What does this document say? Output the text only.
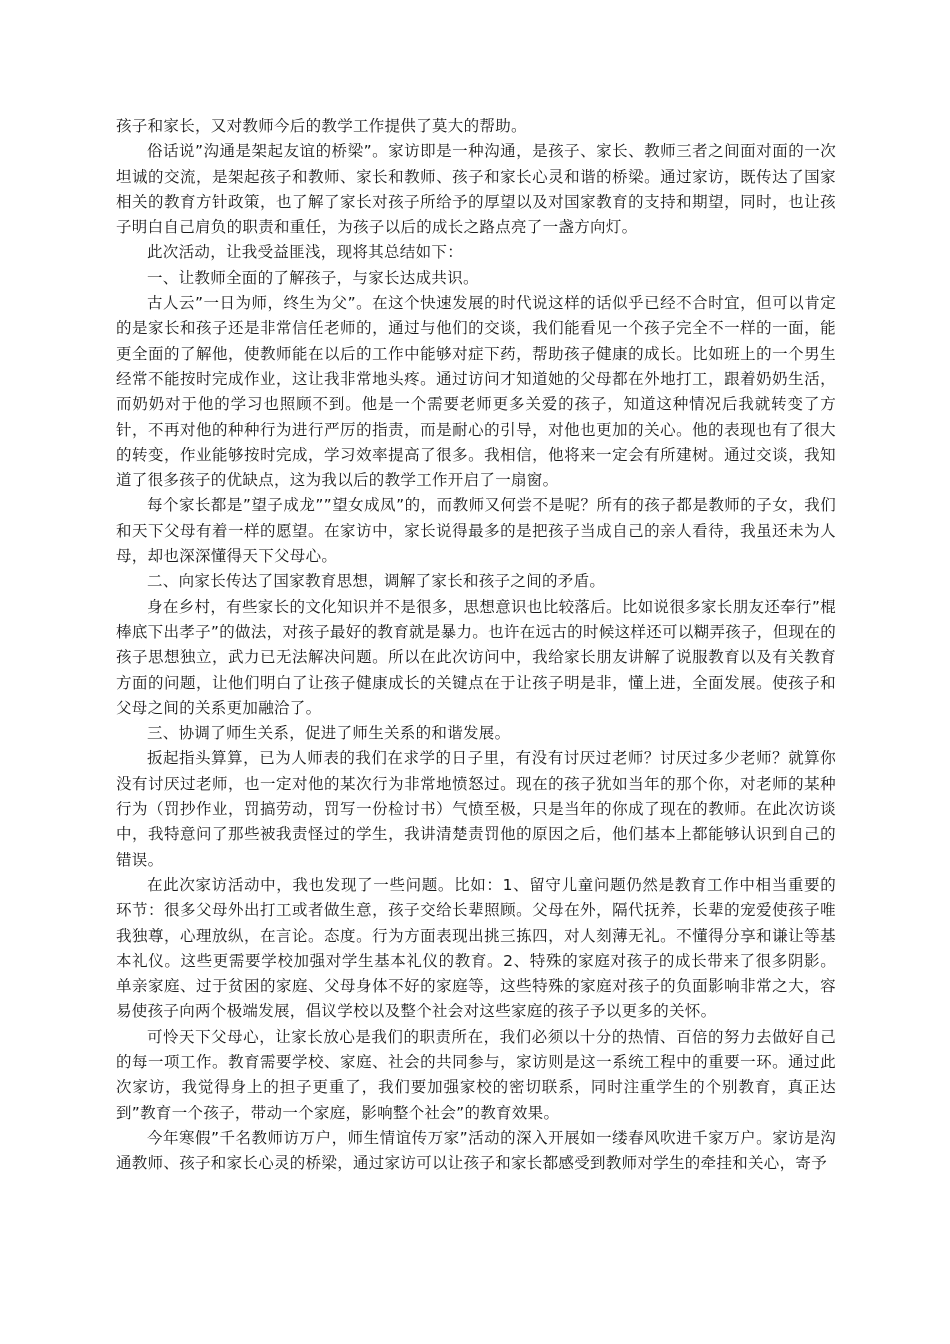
孩子和家长，又对教师今后的教学工作提供了莫大的帮助。

俗话说”沟通是架起友谊的桥梁”。家访即是一种沟通，是孩子、家长、教师三者之间面对面的一次坦诚的交流，是架起孩子和教师、家长和教师、孩子和家长心灵和谐的桥梁。通过家访，既传达了国家相关的教育方针政策，也了解了家长对孩子所给予的厚望以及对国家教育的支持和期望，同时，也让孩子明白自己肩负的职责和重任，为孩子以后的成长之路点亮了一盏方向灯。

此次活动，让我受益匪浅，现将其总结如下：

一、让教师全面的了解孩子，与家长达成共识。

古人云”一日为师，终生为父”。在这个快速发展的时代说这样的话似乎已经不合时宜，但可以肯定的是家长和孩子还是非常信任老师的，通过与他们的交谈，我们能看见一个孩子完全不一样的一面，能更全面的了解他，使教师能在以后的工作中能够对症下药，帮助孩子健康的成长。比如班上的一个男生经常不能按时完成作业，这让我非常地头疼。通过访问才知道她的父母都在外地打工，跟着奶奶生活，而奶奶对于他的学习也照顾不到。他是一个需要老师更多关爱的孩子，知道这种情况后我就转变了方针，不再对他的种种行为进行严厉的指责，而是耐心的引导，对他也更加的关心。他的表现也有了很大的转变，作业能够按时完成，学习效率提高了很多。我相信，他将来一定会有所建树。通过交谈，我知道了很多孩子的优缺点，这为我以后的教学工作开启了一扇窗。

每个家长都是”望子成龙””望女成凤”的，而教师又何尝不是呢？所有的孩子都是教师的子女，我们和天下父母有着一样的愿望。在家访中，家长说得最多的是把孩子当成自己的亲人看待，我虽还未为人母，却也深深懂得天下父母心。

二、向家长传达了国家教育思想，调解了家长和孩子之间的矛盾。

身在乡村，有些家长的文化知识并不是很多，思想意识也比较落后。比如说很多家长朋友还奉行”棍棒底下出孝子”的做法，对孩子最好的教育就是暴力。也许在远古的时候这样还可以糊弄孩子，但现在的孩子思想独立，武力已无法解决问题。所以在此次访问中，我给家长朋友讲解了说服教育以及有关教育方面的问题，让他们明白了让孩子健康成长的关键点在于让孩子明是非，懂上进，全面发展。使孩子和父母之间的关系更加融洽了。

三、协调了师生关系，促进了师生关系的和谐发展。

扳起指头算算，已为人师表的我们在求学的日子里，有没有讨厌过老师？讨厌过多少老师？就算你没有讨厌过老师，也一定对他的某次行为非常地愤怒过。现在的孩子犹如当年的那个你，对老师的某种行为（罚抄作业，罚搞劳动，罚写一份检讨书）气愤至极，只是当年的你成了现在的教师。在此次访谈中，我特意问了那些被我责怪过的学生，我讲清楚责罚他的原因之后，他们基本上都能够认识到自己的错误。

在此次家访活动中，我也发现了一些问题。比如：1、留守儿童问题仍然是教育工作中相当重要的环节：很多父母外出打工或者做生意，孩子交给长辈照顾。父母在外，隔代抚养，长辈的宠爱使孩子唯我独尊，心理放纵，在言论。态度。行为方面表现出挑三拣四，对人刻薄无礼。不懂得分享和谦让等基本礼仪。这些更需要学校加强对学生基本礼仪的教育。2、特殊的家庭对孩子的成长带来了很多阴影。单亲家庭、过于贫困的家庭、父母身体不好的家庭等，这些特殊的家庭对孩子的负面影响非常之大，容易使孩子向两个极端发展，倡议学校以及整个社会对这些家庭的孩子予以更多的关怀。

可怜天下父母心，让家长放心是我们的职责所在，我们必须以十分的热情、百倍的努力去做好自己的每一项工作。教育需要学校、家庭、社会的共同参与，家访则是这一系统工程中的重要一环。通过此次家访，我觉得身上的担子更重了，我们要加强家校的密切联系，同时注重学生的个别教育，真正达到”教育一个孩子，带动一个家庭，影响整个社会”的教育效果。

今年寒假”千名教师访万户，师生情谊传万家”活动的深入开展如一缕春风吹进千家万户。家访是沟通教师、孩子和家长心灵的桥梁，通过家访可以让孩子和家长都感受到教师对学生的牵挂和关心，寄予
